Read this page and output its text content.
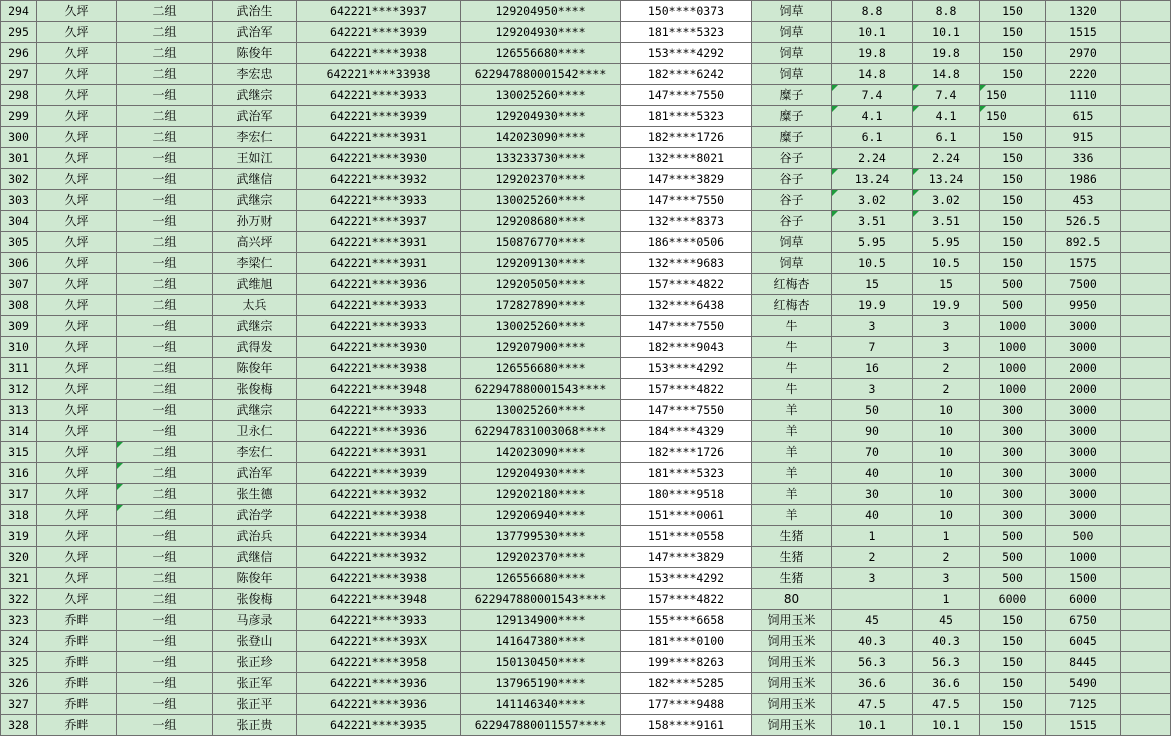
294	久坪	二组	武治生	642221****3937	129204950****	150****0373	饲草	8.8	8.8	150	1320	
295	久坪	二组	武治军	642221****3939	129204930****	181****5323	饲草	10.1	10.1	150	1515	
296	久坪	二组	陈俊年	642221****3938	126556680****	153****4292	饲草	19.8	19.8	150	2970	
297	久坪	二组	李宏忠	642221****33938	622947880001542****	182****6242	饲草	14.8	14.8	150	2220	
298	久坪	一组	武继宗	642221****3933	130025260****	147****7550	糜子	7.4	7.4	150	1110	
299	久坪	二组	武治军	642221****3939	129204930****	181****5323	糜子	4.1	4.1	150	615	
300	久坪	二组	李宏仁	642221****3931	142023090****	182****1726	糜子	6.1	6.1	150	915	
301	久坪	一组	王如江	642221****3930	133233730****	132****8021	谷子	2.24	2.24	150	336	
302	久坪	一组	武继信	642221****3932	129202370****	147****3829	谷子	13.24	13.24	150	1986	
303	久坪	一组	武继宗	642221****3933	130025260****	147****7550	谷子	3.02	3.02	150	453	
304	久坪	一组	孙万财	642221****3937	129208680****	132****8373	谷子	3.51	3.51	150	526.5	
305	久坪	二组	高兴坪	642221****3931	150876770****	186****0506	饲草	5.95	5.95	150	892.5	
306	久坪	一组	李梁仁	642221****3931	129209130****	132****9683	饲草	10.5	10.5	150	1575	
307	久坪	二组	武维旭	642221****3936	129205050****	157****4822	红梅杏	15	15	500	7500	
308	久坪	二组	太兵	642221****3933	172827890****	132****6438	红梅杏	19.9	19.9	500	9950	
309	久坪	一组	武继宗	642221****3933	130025260****	147****7550	牛	3	3	1000	3000	
310	久坪	一组	武得发	642221****3930	129207900****	182****9043	牛	7	3	1000	3000	
311	久坪	二组	陈俊年	642221****3938	126556680****	153****4292	牛	16	2	1000	2000	
312	久坪	二组	张俊梅	642221****3948	622947880001543****	157****4822	牛	3	2	1000	2000	
313	久坪	一组	武继宗	642221****3933	130025260****	147****7550	羊	50	10	300	3000	
314	久坪	一组	卫永仁	642221****3936	622947831003068****	184****4329	羊	90	10	300	3000	
315	久坪	二组	李宏仁	642221****3931	142023090****	182****1726	羊	70	10	300	3000	
316	久坪	二组	武治军	642221****3939	129204930****	181****5323	羊	40	10	300	3000	
317	久坪	二组	张生德	642221****3932	129202180****	180****9518	羊	30	10	300	3000	
318	久坪	二组	武治学	642221****3938	129206940****	151****0061	羊	40	10	300	3000	
319	久坪	一组	武治兵	642221****3934	137799530****	151****0558	生猪	1	1	500	500	
320	久坪	一组	武继信	642221****3932	129202370****	147****3829	生猪	2	2	500	1000	
321	久坪	二组	陈俊年	642221****3938	126556680****	153****4292	生猪	3	3	500	1500	
322	久坪	二组	张俊梅	642221****3948	622947880001543****	157****4822	80		1	6000	6000	
323	乔畔	一组	马彦录	642221****3933	129134900****	155****6658	饲用玉米	45	45	150	6750	
324	乔畔	一组	张登山	642221****393X	141647380****	181****0100	饲用玉米	40.3	40.3	150	6045	
325	乔畔	一组	张正珍	642221****3958	150130450****	199****8263	饲用玉米	56.3	56.3	150	8445	
326	乔畔	一组	张正军	642221****3936	137965190****	182****5285	饲用玉米	36.6	36.6	150	5490	
327	乔畔	一组	张正平	642221****3936	141146340****	177****9488	饲用玉米	47.5	47.5	150	7125	
328	乔畔	一组	张正贵	642221****3935	622947880011557****	158****9161	饲用玉米	10.1	10.1	150	1515	
